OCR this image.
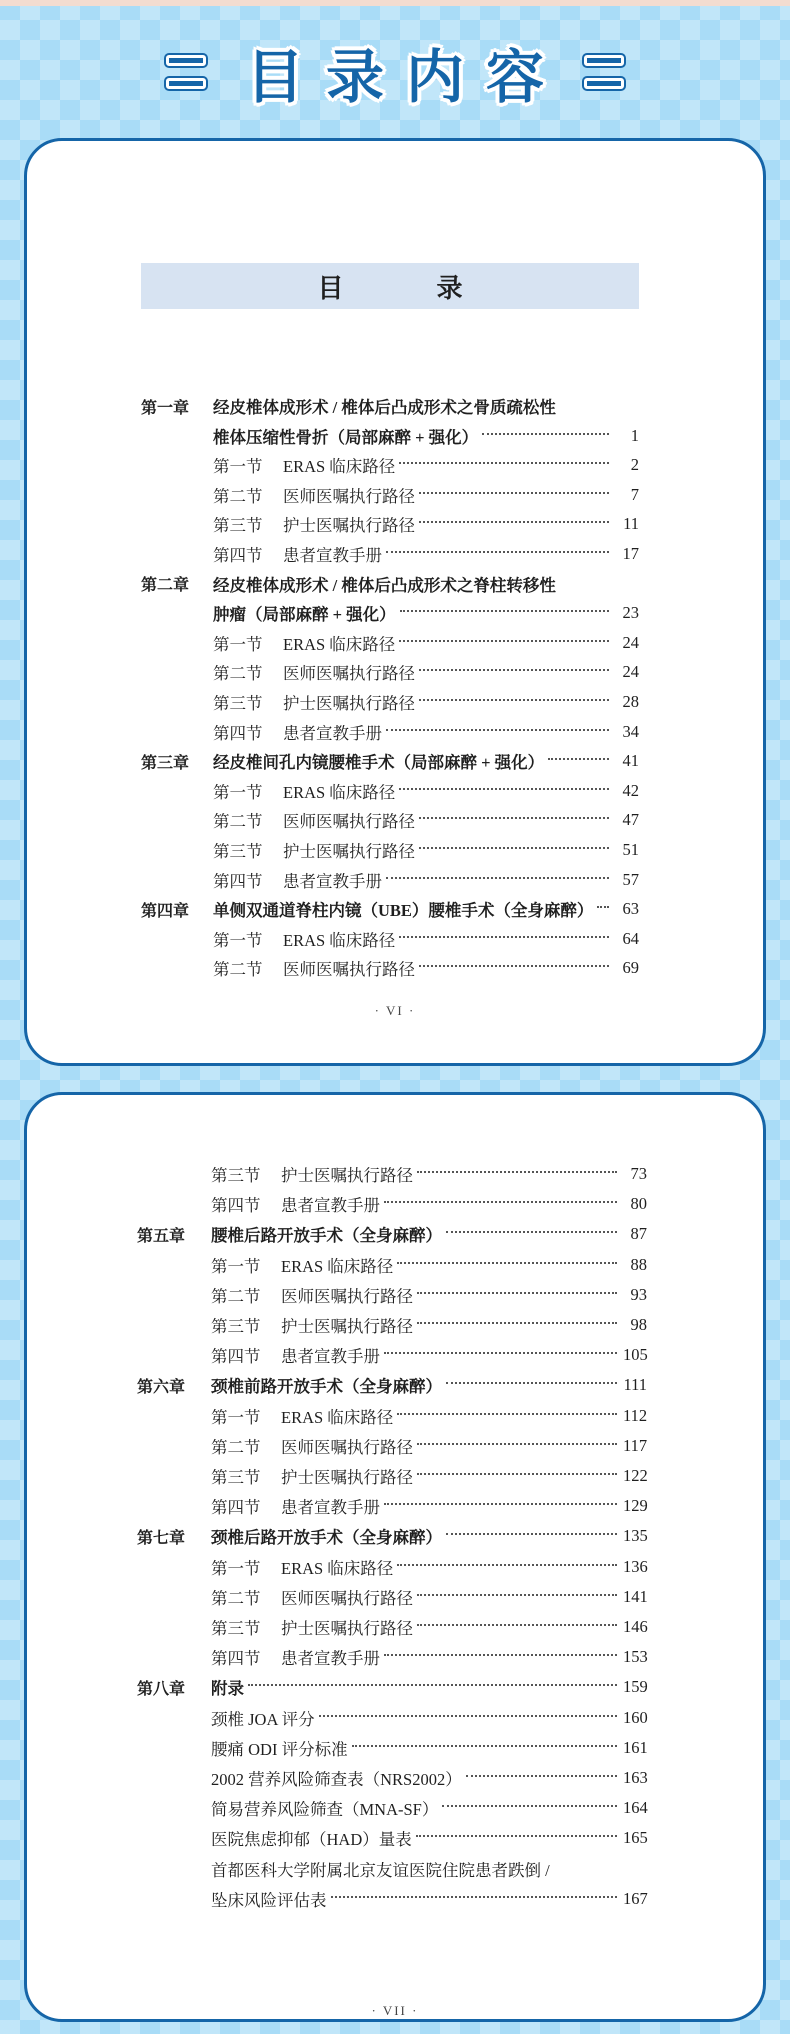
目录内容
目 录
第一章 经皮椎体成形术 / 椎体后凸成形术之骨质疏松性
椎体压缩性骨折（局部麻醉 + 强化）	1
第一节	ERAS 临床路径	2
第二节	医师医嘱执行路径	7
第三节	护士医嘱执行路径	11
第四节	患者宣教手册	17
第二章 经皮椎体成形术 / 椎体后凸成形术之脊柱转移性
肿瘤（局部麻醉 + 强化）	23
第一节	ERAS 临床路径	24
第二节	医师医嘱执行路径	24
第三节	护士医嘱执行路径	28
第四节	患者宣教手册	34
第三章 经皮椎间孔内镜腰椎手术（局部麻醉 + 强化）	41
第一节	ERAS 临床路径	42
第二节	医师医嘱执行路径	47
第三节	护士医嘱执行路径	51
第四节	患者宣教手册	57
第四章 单侧双通道脊柱内镜（UBE）腰椎手术（全身麻醉）	63
第一节	ERAS 临床路径	64
第二节	医师医嘱执行路径	69
· VI ·
第三节	护士医嘱执行路径	73
第四节	患者宣教手册	80
第五章 腰椎后路开放手术（全身麻醉）	87
第一节	ERAS 临床路径	88
第二节	医师医嘱执行路径	93
第三节	护士医嘱执行路径	98
第四节	患者宣教手册	105
第六章 颈椎前路开放手术（全身麻醉）	111
第一节	ERAS 临床路径	112
第二节	医师医嘱执行路径	117
第三节	护士医嘱执行路径	122
第四节	患者宣教手册	129
第七章 颈椎后路开放手术（全身麻醉）	135
第一节	ERAS 临床路径	136
第二节	医师医嘱执行路径	141
第三节	护士医嘱执行路径	146
第四节	患者宣教手册	153
第八章 附录	159
颈椎 JOA 评分	160
腰痛 ODI 评分标准	161
2002 营养风险筛查表（NRS2002）	163
简易营养风险筛查（MNA-SF）	164
医院焦虑抑郁（HAD）量表	165
首都医科大学附属北京友谊医院住院患者跌倒 /
坠床风险评估表	167
· VII ·
